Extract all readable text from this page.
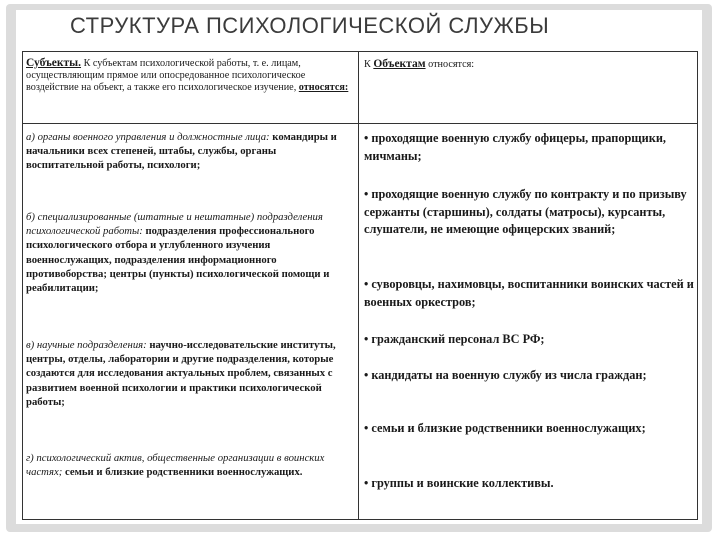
СТРУКТУРА ПСИХОЛОГИЧЕСКОЙ СЛУЖБЫ
Субъекты. К субъектам психологической работы, т. е. лицам, осуществляющим прямое или опосредованное психологическое воздействие на объект, а также его психологическое изучение, относятся:
К Объектам относятся:
а) органы военного управления и должностные лица: командиры и начальники всех степеней, штабы, службы, органы воспитательной работы, психологи;
б) специализированные (штатные и нештатные) подразделения психологической работы: подразделения профессионального психологического отбора и углубленного изучения военнослужащих, подразделения информационного противоборства; центры (пункты) психологической помощи и реабилитации;
в) научные подразделения: научно-исследовательские институты, центры, отделы, лаборатории и другие подразделения, которые создаются для исследования актуальных проблем, связанных с развитием военной психологии и практики психологической работы;
г) психологический актив, общественные организации в воинских частях; семьи и близкие родственники военнослужащих.
• проходящие военную службу офицеры, прапорщики, мичманы;
• проходящие военную службу по контракту и по призыву сержанты (старшины), солдаты (матросы), курсанты, слушатели, не имеющие офицерских званий;
• суворовцы, нахимовцы, воспитанники воинских частей и военных оркестров;
• гражданский персонал ВС РФ;
• кандидаты на военную службу из числа граждан;
• семьи и близкие родственники военнослужащих;
• группы и воинские коллективы.
